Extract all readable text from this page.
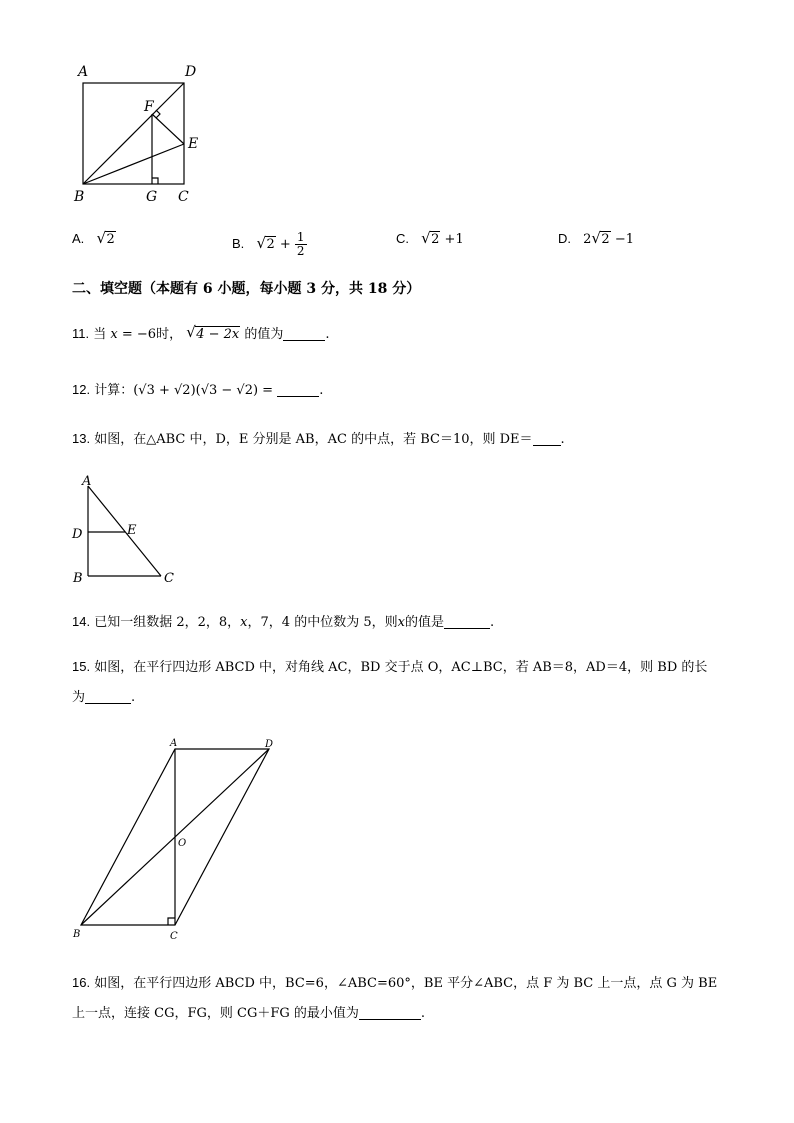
A	D
F
E
B	G C
A. √ 2	B. √ $2 + \frac{1}{2}$	C. √ 2 +1	D. 2 √ 2 −1
二、填空题（本题有 6 小题，每小题 3 分，共 18 分）
11. 当 x = −6时， √ 4 − 2x 的值为	.
12. 计算：(√3 + √2)(√3 − √2) =	.
13. 如图，在△ABC 中，D，E 分别是 AB，AC 的中点，若 BC＝10，则 DE＝ .
A
D	E
B	C
14. 已知一组数据 2，2，8，x，7，4 的中位数为 5，则x的值是	.
15. 如图，在平行四边形 ABCD 中，对角线 AC，BD 交于点 O，AC⊥BC，若 AB＝8，AD＝4，则 BD 的长
为	.
A	D
O
B	C
16. 如图，在平行四边形 ABCD 中，BC=6，∠ABC=60°，BE 平分∠ABC，点 F 为 BC 上一点，点 G 为 BE
上一点，连接 CG，FG，则 CG＋FG 的最小值为	.
